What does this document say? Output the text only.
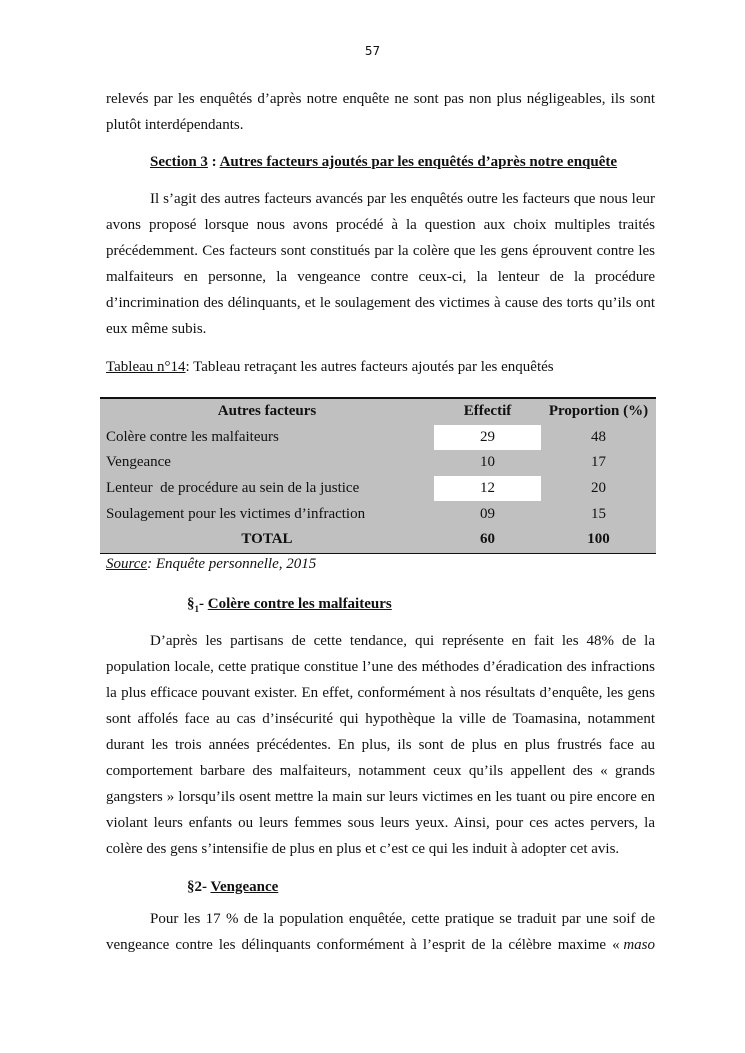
57
relevés par les enquêtés d’après notre enquête ne sont pas non plus négligeables, ils sont
plutôt interdépendants.
Section 3 : Autres facteurs ajoutés par les enquêtés d’après notre enquête
Il s’agit des autres facteurs avancés par les enquêtés outre les facteurs que nous leur
avons proposé lorsque nous avons procédé à la question aux choix multiples traités
précédemment. Ces facteurs sont constitués par la colère que les gens éprouvent contre les
malfaiteurs en personne, la vengeance contre ceux-ci, la lenteur de la procédure
d’incrimination des délinquants, et le soulagement des victimes à cause des torts qu’ils ont
eux même subis.
Tableau n°14: Tableau retraçant les autres facteurs ajoutés par les enquêtés
Autres facteurs	Effectif	Proportion (%)
Colère contre les malfaiteurs	29	48
Vengeance	10	17
Lenteur  de procédure au sein de la justice	12	20
Soulagement pour les victimes d’infraction	09	15
TOTAL	60	100
Source: Enquête personnelle, 2015
$\S_1-$ Colère contre les malfaiteurs
D’après les partisans de cette tendance, qui représente en fait les 48% de la
population locale, cette pratique constitue l’une des méthodes d’éradication des infractions
la plus efficace pouvant exister. En effet, conformément à nos résultats d’enquête, les gens
sont affolés face au cas d’insécurité qui hypothèque la ville de Toamasina, notamment
durant les trois années précédentes. En plus, ils sont de plus en plus frustrés face au
comportement barbare des malfaiteurs, notamment ceux qu’ils appellent des « grands
gangsters » lorsqu’ils osent mettre la main sur leurs victimes en les tuant ou pire encore en
violant leurs enfants ou leurs femmes sous leurs yeux. Ainsi, pour ces actes pervers, la
colère des gens s’intensifie de plus en plus et c’est ce qui les induit à adopter cet avis.
§2- Vengeance
Pour les 17 % de la population enquêtée, cette pratique se traduit par une soif de
vengeance contre les délinquants conformément à l’esprit de la célèbre maxime « maso
